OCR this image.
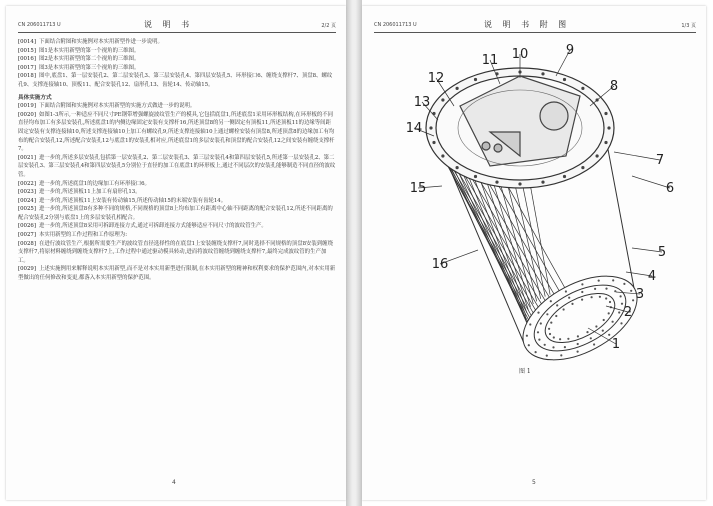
CN 206011713 U	说 明 书	2/2 页

[0014] 下面结合附图和实施例对本实用新型作进一步说明。

[0015] 图1是本实用新型的第一个视角的三维图。

[0016] 图2是本实用新型的第二个视角的三维图。

[0017] 图3是本实用新型的第三个视角的三维图。

[0018] 图中,底盘1、第一层安装孔2、第二层安装孔3、第三层安装孔4、第四层安装孔5、环形接口6、缠绕支撑杆7、顶盘8、螺纹孔9、支撑连接轴10、顶板11、配合安装孔12、扇形孔13、齿轮14、传动轴15。

具体实施方式

[0019] 下面结合附图和实施例对本实用新型的实施方式做进一步的说明。

[0020] 如图1-3所示,一种适应不同尺寸PE钢带增强螺旋波纹管生产的模具,它包括底盘1,所述底盘1采用环形板结构,在环形板的不同直径均布加工有多层安装孔,所述底盘1的内侧边缘固定安装有支撑杆16,所述顶盘8的另一侧固定有顶板11,所述顶板11的边缘等间距固定安装有支撑连接轴10,所述支撑连接轴10上加工有螺纹孔9,所述支撑连接轴10上通过螺栓安装有顶盘8,所述顶盘8的边缘加工有均布的配合安装孔12,所述配合安装孔12与底盘1的安装孔相对应,所述底盘1的多层安装孔和顶盘的配合安装孔12之间安装有缠绕支撑杆7。

[0021] 进一步的,所述多层安装孔包括第一层安装孔2、第二层安装孔3、第三层安装孔4和第四层安装孔5,所述第一层安装孔2、第二层安装孔3、第三层安装孔4和第四层安装孔5分别位于直径的加工在底盘1的环形板上,通过不同层次的安装孔能够制造不同直径的波纹管。

[0022] 进一步的,所述底盘1的边缘加工有环形接口6。

[0023] 进一步的,所述顶板11上加工有扇形孔13。

[0024] 进一步的,所述顶板11上安装有传动轴15,所述传动轴15的末端安装有齿轮14。

[0025] 进一步的,所述顶盘8有多种不同的规格,不同规格的顶盘8上均布加工有距离中心轴不同距离的配合安装孔12,所述不同距离的配合安装孔2分别与底盘1上的多层安装孔相配合。

[0026] 进一步的,所述顶盘8采用可拆卸连接方式,通过可拆卸连接方式能够适应不同尺寸的波纹管生产。

[0027] 本实用新型的工作过程和工作原理为:

[0028] 在进行波纹管生产,根据所需要生产的波纹管直径选择性的在底盘1上安装缠绕支撑杆7,同时选择不同规格的顶盘8安装到缠绕支撑杆7,将原材料缠绕到缠绕支撑杆7上,工作过程中通过驱动模具转动,进而将波纹管缠绕到缠绕支撑杆7,最终完成波纹管的生产加工。

[0029] 上述实施例用来解释说明本实用新型,而不是对本实用新型进行限制,在本实用新型的精神和权利要求的保护范围内,对本实用新型做出的任何修改和变更,都落入本实用新型的保护范围。

4
CN 206011713 U	说 明 书 附 图	1/3 页
1
2
3
4
5
6
7
8
9
10
11
12
13
14
15
16
图 1
5
